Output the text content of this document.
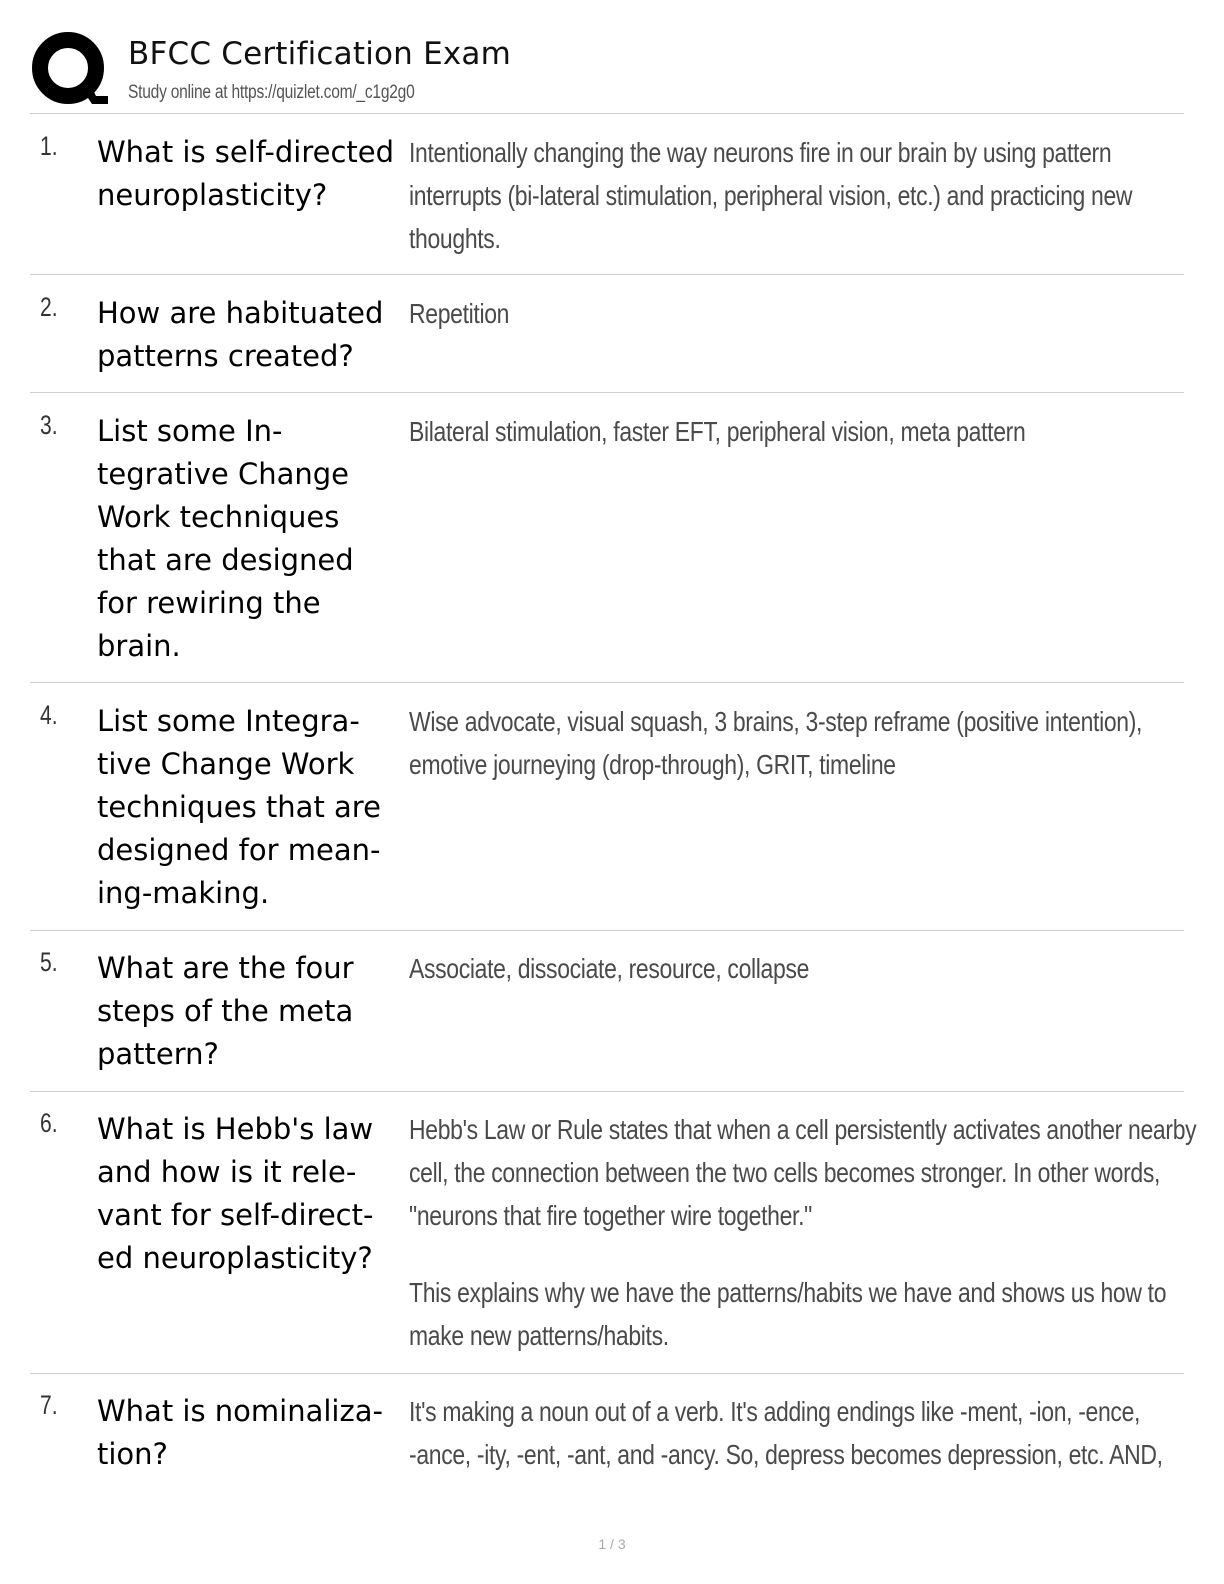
BFCC Certification Exam
Study online at https://quizlet.com/_c1g2g0
1. What is self-directed
neuroplasticity?

Intentionally changing the way neurons fire in our brain by using pattern
interrupts (bi-lateral stimulation, peripheral vision, etc.) and practicing new
thoughts.

2. How are habituated
patterns created?

Repetition

3. List some In-
tegrative Change
Work techniques
that are designed
for rewiring the
brain.

Bilateral stimulation, faster EFT, peripheral vision, meta pattern

4. List some Integra-
tive Change Work
techniques that are
designed for mean-
ing-making.

Wise advocate, visual squash, 3 brains, 3-step reframe (positive intention),
emotive journeying (drop-through), GRIT, timeline

5. What are the four
steps of the meta
pattern?

Associate, dissociate, resource, collapse

6. What is Hebb's law
and how is it rele-
vant for self-direct-
ed neuroplasticity?

Hebb's Law or Rule states that when a cell persistently activates another nearby
cell, the connection between the two cells becomes stronger. In other words,
"neurons that fire together wire together."

This explains why we have the patterns/habits we have and shows us how to
make new patterns/habits.

7. What is nominaliza-
tion?

It's making a noun out of a verb. It's adding endings like -ment, -ion, -ence,
-ance, -ity, -ent, -ant, and -ancy. So, depress becomes depression, etc. AND,

1 / 3
